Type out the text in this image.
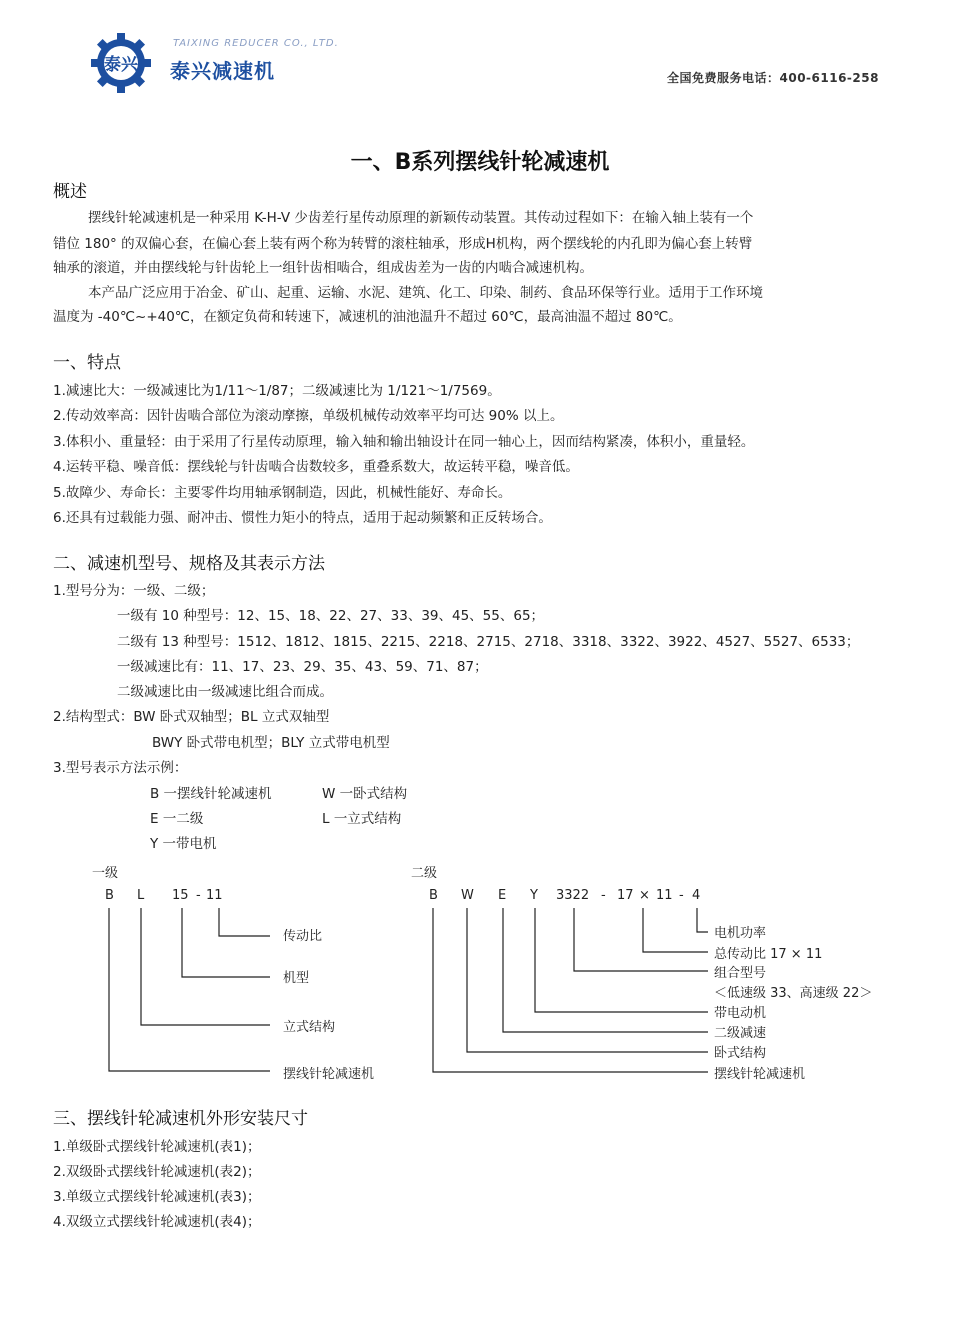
泰兴
TAIXING REDUCER CO., LTD.
泰兴减速机	全国免费服务电话：400-6116-258
一、B系列摆线针轮减速机
概述
摆线针轮减速机是一种采用 K-H-V 少齿差行星传动原理的新颖传动装置。其传动过程如下：在输入轴上装有一个
错位 180° 的双偏心套，在偏心套上装有两个称为转臂的滚柱轴承，形成H机构，两个摆线轮的内孔即为偏心套上转臂
轴承的滚道，并由摆线轮与针齿轮上一组针齿相啮合，组成齿差为一齿的内啮合减速机构。
本产品广泛应用于冶金、矿山、起重、运输、水泥、建筑、化工、印染、制药、食品环保等行业。适用于工作环境
温度为 -40℃~+40℃，在额定负荷和转速下，减速机的油池温升不超过 60℃，最高油温不超过 80℃。
一、特点
1.减速比大：一级减速比为1/11～1/87；二级减速比为 1/121～1/7569。
2.传动效率高：因针齿啮合部位为滚动摩擦，单级机械传动效率平均可达 90% 以上。
3.体积小、重量轻：由于采用了行星传动原理，输入轴和输出轴设计在同一轴心上，因而结构紧凑，体积小，重量轻。
4.运转平稳、噪音低：摆线轮与针齿啮合齿数较多，重叠系数大，故运转平稳，噪音低。
5.故障少、寿命长：主要零件均用轴承钢制造，因此，机械性能好、寿命长。
6.还具有过载能力强、耐冲击、惯性力矩小的特点，适用于起动频繁和正反转场合。
二、减速机型号、规格及其表示方法
1.型号分为：一级、二级；
一级有 10 种型号：12、15、18、22、27、33、39、45、55、65；
二级有 13 种型号：1512、1812、1815、2215、2218、2715、2718、3318、3322、3922、4527、5527、6533；
一级减速比有：11、17、23、29、35、43、59、71、87；
二级减速比由一级减速比组合而成。
2.结构型式：BW 卧式双轴型；BL 立式双轴型
BWY 卧式带电机型；BLY 立式带电机型
3.型号表示方法示例：
B 一摆线针轮减速机	W 一卧式结构
E 一二级	L 一立式结构
Y 一带电机
一级
B L 15 - 11
传动比
机型
立式结构
摆线针轮减速机
二级
B W E Y 3322 - 17 × 11 - 4
电机功率
总传动比 17 × 11
组合型号
＜低速级 33、高速级 22＞
带电动机
二级减速
卧式结构
摆线针轮减速机
三、摆线针轮减速机外形安装尺寸
1.单级卧式摆线针轮减速机(表1)；
2.双级卧式摆线针轮减速机(表2)；
3.单级立式摆线针轮减速机(表3)；
4.双级立式摆线针轮减速机(表4)；
